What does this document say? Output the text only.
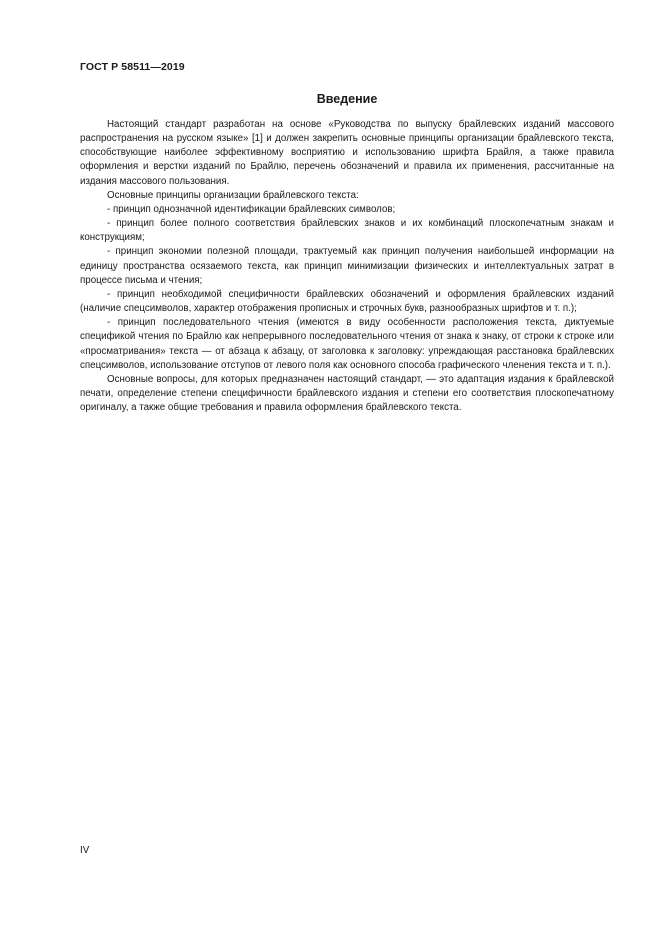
ГОСТ Р 58511—2019
Введение

Настоящий стандарт разработан на основе «Руководства по выпуску брайлевских изданий массового распространения на русском языке» [1] и должен закрепить основные принципы организации брайлевского текста, способствующие наиболее эффективному восприятию и использованию шрифта Брайля, а также правила оформления и верстки изданий по Брайлю, перечень обозначений и правила их применения, рассчитанные на издания массового пользования.

Основные принципы организации брайлевского текста:

- принцип однозначной идентификации брайлевских символов;

- принцип более полного соответствия брайлевских знаков и их комбинаций плоскопечатным знакам и конструкциям;

- принцип экономии полезной площади, трактуемый как принцип получения наибольшей информации на единицу пространства осязаемого текста, как принцип минимизации физических и интеллектуальных затрат в процессе письма и чтения;

- принцип необходимой специфичности брайлевских обозначений и оформления брайлевских изданий (наличие спецсимволов, характер отображения прописных и строчных букв, разнообразных шрифтов и т. п.);

- принцип последовательного чтения (имеются в виду особенности расположения текста, диктуемые спецификой чтения по Брайлю как непрерывного последовательного чтения от знака к знаку, от строки к строке или «просматривания» текста — от абзаца к абзацу, от заголовка к заголовку: упреждающая расстановка брайлевских спецсимволов, использование отступов от левого поля как основного способа графического членения текста и т. п.).

Основные вопросы, для которых предназначен настоящий стандарт, — это адаптация издания к брайлевской печати, определение степени специфичности брайлевского издания и степени его соответствия плоскопечатному оригиналу, а также общие требования и правила оформления брайлевского текста.

IV
